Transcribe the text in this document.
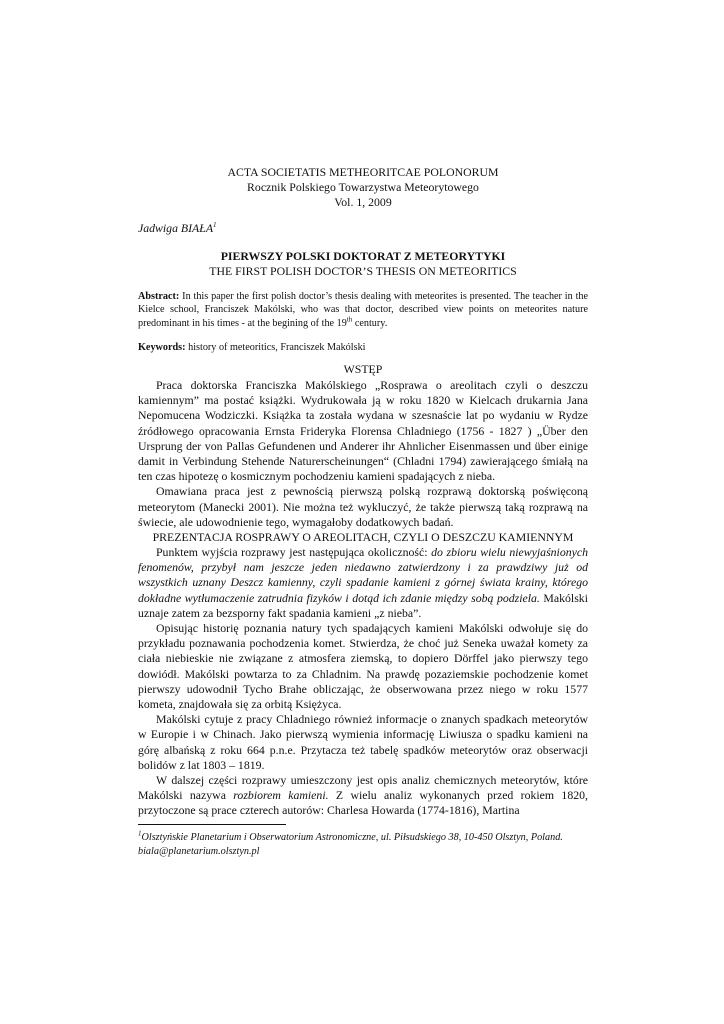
ACTA SOCIETATIS METHEORITCAE POLONORUM
Rocznik Polskiego Towarzystwa Meteorytowego
Vol. 1, 2009
Jadwiga BIAŁA$^1$
PIERWSZY POLSKI DOKTORAT Z METEORYTYKI
THE FIRST POLISH DOCTOR’S THESIS ON METEORITICS
Abstract: In this paper the first polish doctor’s thesis dealing with meteorites is presented. The teacher in the Kielce school, Franciszek Makólski, who was that doctor, described view points on meteorites nature predominant in his times - at the begining of the 19th century.
Keywords: history of meteoritics, Franciszek Makólski
WSTĘP

Praca doktorska Franciszka Makólskiego „Rosprawa o areolitach czyli o deszczu kamiennym” ma postać książki. Wydrukowała ją w roku 1820 w Kielcach drukarnia Jana Nepomucena Wodziczki. Książka ta została wydana w szesnaście lat po wydaniu w Rydze źródłowego opracowania Ernsta Frideryka Florensa Chladniego (1756 - 1827 ) „Über den Ursprung der von Pallas Gefundenen und Anderer ihr Ahnlicher Eisenmassen und über einige damit in Verbindung Stehende Naturerscheinungen“ (Chladni 1794) zawierającego śmiałą na ten czas hipotezę o kosmicznym pochodzeniu kamieni spadających z nieba.

Omawiana praca jest z pewnością pierwszą polską rozprawą doktorską poświęconą meteorytom (Manecki 2001). Nie można też wykluczyć, że także pierwszą taką rozprawą na świecie, ale udowodnienie tego, wymagałoby dodatkowych badań.

PREZENTACJA ROSPRAWY O AREOLITACH, CZYLI O DESZCZU KAMIENNYM

Punktem wyjścia rozprawy jest następująca okoliczność: do zbioru wielu niewyjaśnionych fenomenów, przybył nam jeszcze jeden niedawno zatwierdzony i za prawdziwy już od wszystkich uznany Deszcz kamienny, czyli spadanie kamieni z górnej świata krainy, którego dokładne wytłumaczenie zatrudnia fizyków i dotąd ich zdanie między sobą podziela. Makólski uznaje zatem za bezsporny fakt spadania kamieni „z nieba”.

Opisując historię poznania natury tych spadających kamieni Makólski odwołuje się do przykładu poznawania pochodzenia komet. Stwierdza, że choć już Seneka uważał komety za ciała niebieskie nie związane z atmosfera ziemską, to dopiero Dörffel jako pierwszy tego dowiódł. Makólski powtarza to za Chladnim. Na prawdę pozaziemskie pochodzenie komet pierwszy udowodnił Tycho Brahe obliczając, że obserwowana przez niego w roku 1577 kometa, znajdowała się za orbitą Księżyca.

Makólski cytuje z pracy Chladniego również informacje o znanych spadkach meteorytów w Europie i w Chinach. Jako pierwszą wymienia informację Liwiusza o spadku kamieni na górę albańską z roku 664 p.n.e. Przytacza też tabelę spadków meteorytów oraz obserwacji bolidów z lat 1803 – 1819.

W dalszej części rozprawy umieszczony jest opis analiz chemicznych meteorytów, które Makólski nazywa rozbiorem kamieni. Z wielu analiz wykonanych przed rokiem 1820, przytoczone są prace czterech autorów: Charlesa Howarda (1774-1816), Martina

$^1$Olsztyńskie Planetarium i Obserwatorium Astronomiczne, ul. Piłsudskiego 38, 10-450 Olsztyn, Poland. biala@planetarium.olsztyn.pl
